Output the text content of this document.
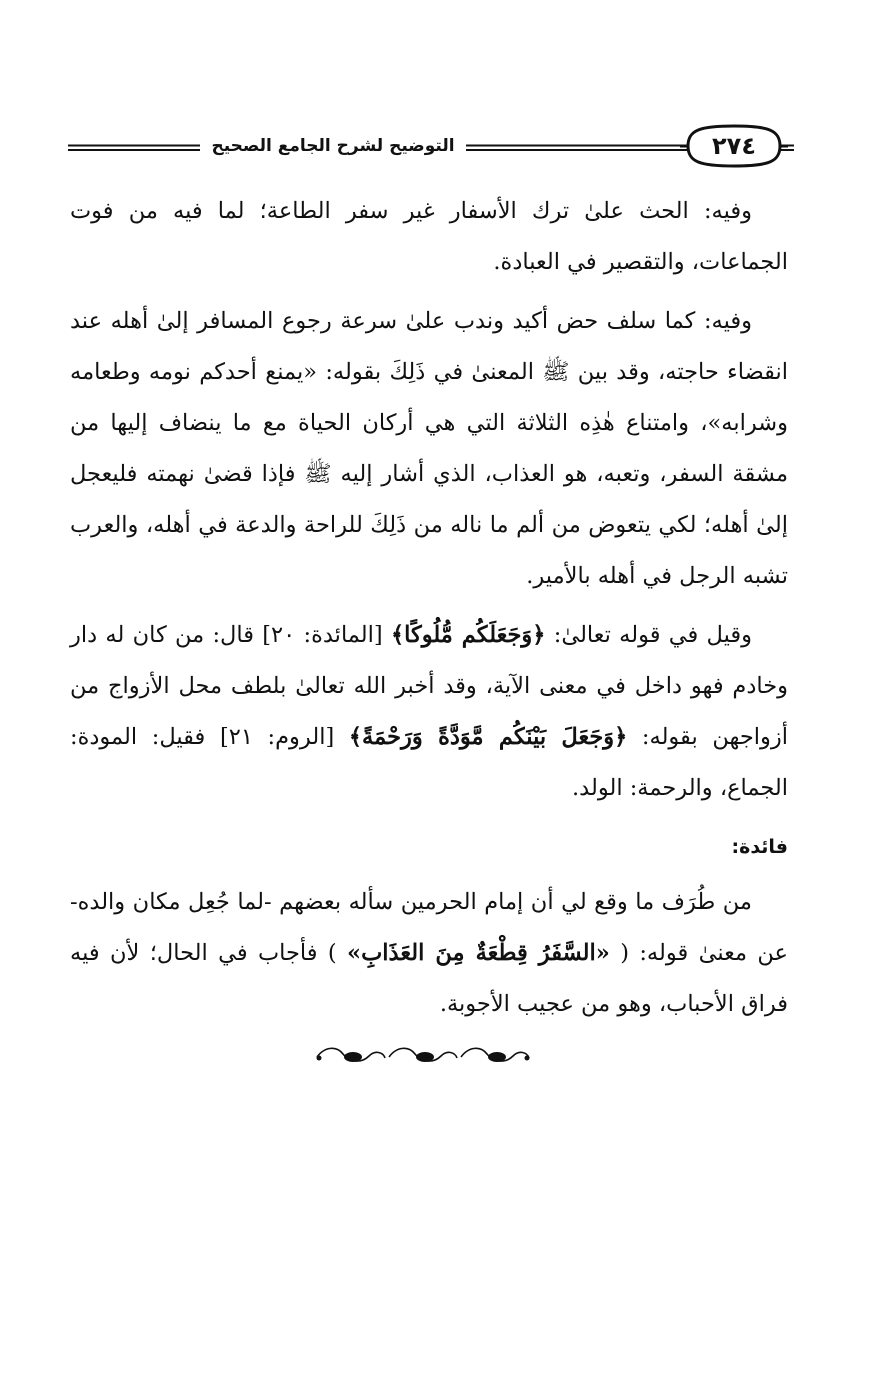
التوضيح لشرح الجامع الصحيح	٢٧٤

وفيه: الحث علىٰ ترك الأسفار غير سفر الطاعة؛ لما فيه من فوت الجماعات، والتقصير في العبادة.

وفيه: كما سلف حض أكيد وندب علىٰ سرعة رجوع المسافر إلىٰ أهله عند انقضاء حاجته، وقد بين ﷺ المعنىٰ في ذَلِكَ بقوله: «يمنع أحدكم نومه وطعامه وشرابه»، وامتناع هٰذِه الثلاثة التي هي أركان الحياة مع ما ينضاف إليها من مشقة السفر، وتعبه، هو العذاب، الذي أشار إليه ﷺ فإذا قضىٰ نهمته فليعجل إلىٰ أهله؛ لكي يتعوض من ألم ما ناله من ذَلِكَ للراحة والدعة في أهله، والعرب تشبه الرجل في أهله بالأمير.

وقيل في قوله تعالىٰ: ﴿وَجَعَلَكُم مُّلُوكًا﴾ [المائدة: ٢٠] قال: من كان له دار وخادم فهو داخل في معنى الآية، وقد أخبر الله تعالىٰ بلطف محل الأزواج من أزواجهن بقوله: ﴿وَجَعَلَ بَيْنَكُم مَّوَدَّةً وَرَحْمَةً﴾ [الروم: ٢١] فقيل: المودة: الجماع، والرحمة: الولد.

فائدة:

من طُرَف ما وقع لي أن إمام الحرمين سأله بعضهم -لما جُعِل مكان والده- عن معنىٰ قوله: ( «السَّفَرُ قِطْعَةٌ مِنَ العَذَابِ» ) فأجاب في الحال؛ لأن فيه فراق الأحباب، وهو من عجيب الأجوبة.
